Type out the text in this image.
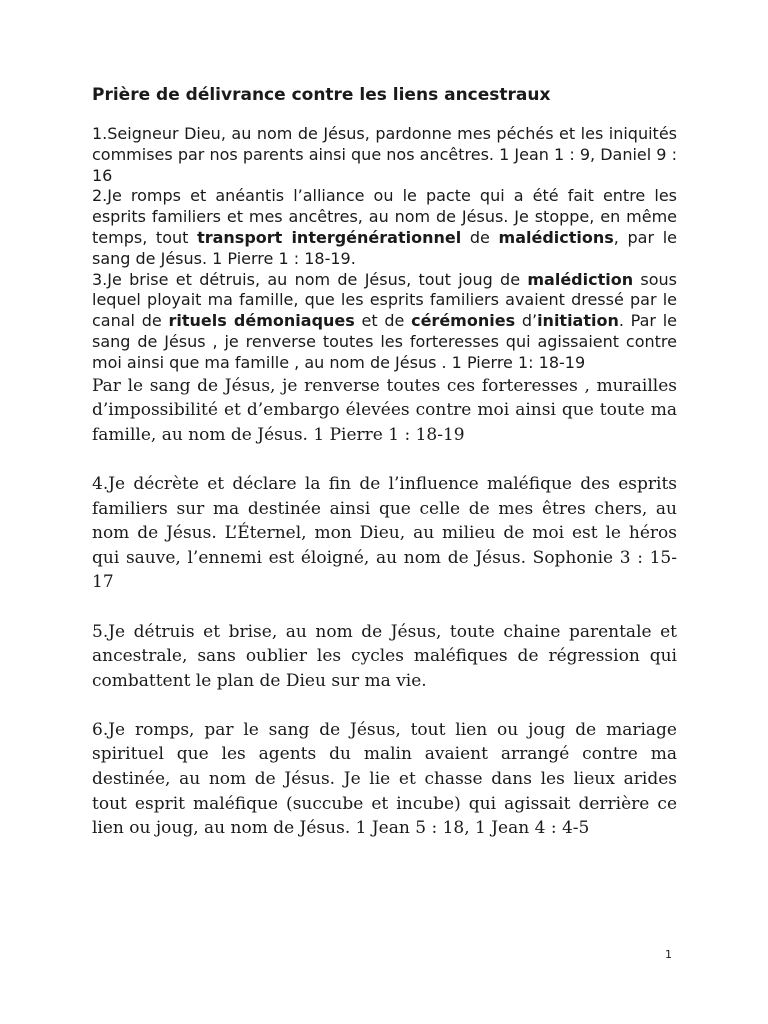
Prière de délivrance contre les liens ancestraux

1.Seigneur Dieu, au nom de Jésus, pardonne mes péchés et les iniquités commises par nos parents ainsi que nos ancêtres. 1 Jean 1 : 9, Daniel 9 : 16

2.Je romps et anéantis l’alliance ou le pacte qui a été fait entre les esprits familiers et mes ancêtres, au nom de Jésus. Je stoppe, en même temps, tout transport intergénérationnel de malédictions, par le sang de Jésus. 1 Pierre 1 : 18-19.

3.Je brise et détruis, au nom de Jésus, tout joug de malédiction sous lequel ployait ma famille, que les esprits familiers avaient dressé par le canal de rituels démoniaques et de cérémonies d’initiation. Par le sang de Jésus , je renverse toutes les forteresses qui agissaient contre moi ainsi que ma famille , au nom de Jésus . 1 Pierre 1: 18-19

Par le sang de Jésus, je renverse toutes ces forteresses , murailles d’impossibilité et d’embargo élevées contre moi ainsi que toute ma famille, au nom de Jésus. 1 Pierre 1 : 18-19

4.Je décrète et déclare la fin de l’influence maléfique des esprits familiers sur ma destinée ainsi que celle de mes êtres chers, au nom de Jésus. L’Éternel, mon Dieu, au milieu de moi est le héros qui sauve, l’ennemi est éloigné, au nom de Jésus. Sophonie 3 : 15-17

5.Je détruis et brise, au nom de Jésus, toute chaine parentale et ancestrale, sans oublier les cycles maléfiques de régression qui combattent le plan de Dieu sur ma vie.

6.Je romps, par le sang de Jésus, tout lien ou joug de mariage spirituel que les agents du malin avaient arrangé contre ma destinée, au nom de Jésus. Je lie et chasse dans les lieux arides tout esprit maléfique (succube et incube) qui agissait derrière ce lien ou joug, au nom de Jésus. 1 Jean 5 : 18, 1 Jean 4 : 4-5

1
